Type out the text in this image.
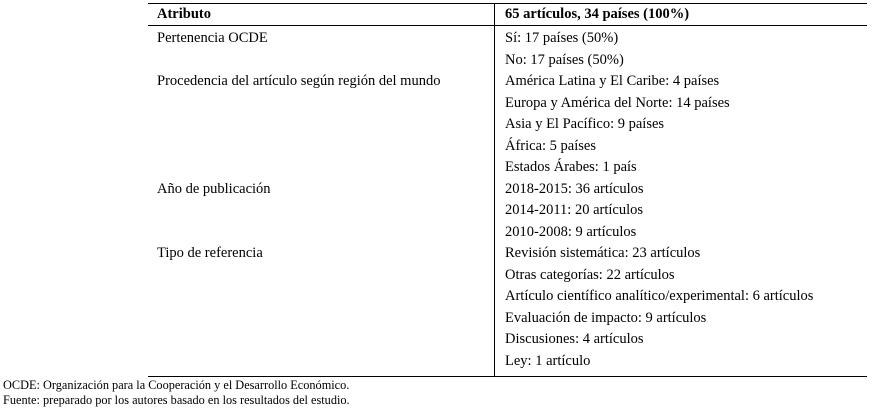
Atributo	65 artículos, 34 países (100%)
Pertenencia OCDE
Procedencia del artículo según región del mundo
Año de publicación
Tipo de referencia
Sí: 17 países (50%)
No: 17 países (50%)
América Latina y El Caribe: 4 países
Europa y América del Norte: 14 países
Asia y El Pacífico: 9 países
África: 5 países
Estados Árabes: 1 país
2018-2015: 36 artículos
2014-2011: 20 artículos
2010-2008: 9 artículos
Revisión sistemática: 23 artículos
Otras categorías: 22 artículos
Artículo científico analítico/experimental: 6 artículos
Evaluación de impacto: 9 artículos
Discusiones: 4 artículos
Ley: 1 artículo
OCDE: Organización para la Cooperación y el Desarrollo Económico.
Fuente: preparado por los autores basado en los resultados del estudio.
